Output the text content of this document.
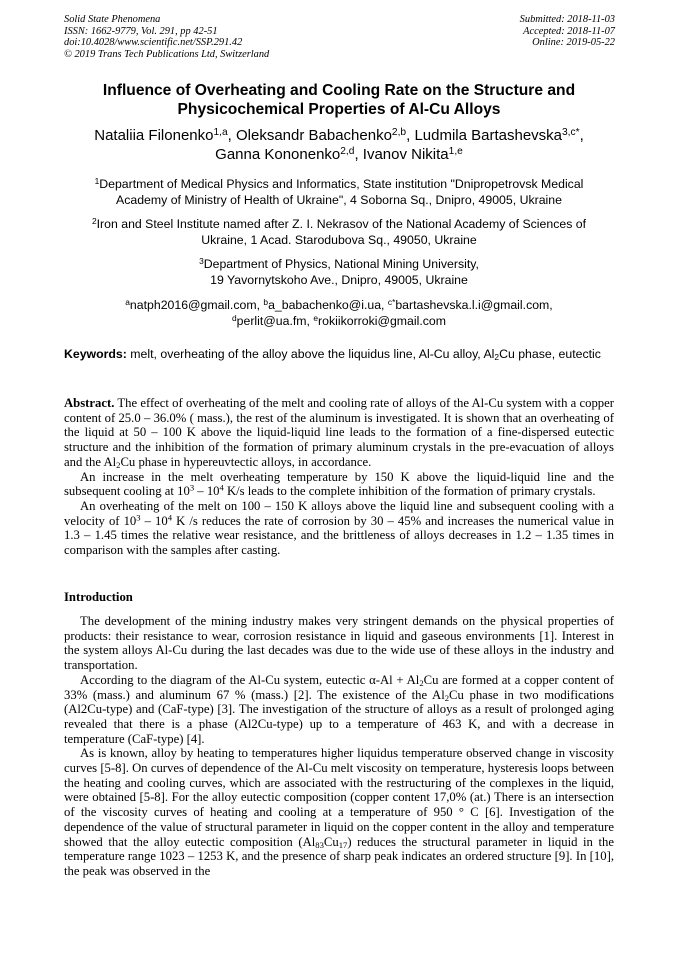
Solid State Phenomena
ISSN: 1662-9779, Vol. 291, pp 42-51
doi:10.4028/www.scientific.net/SSP.291.42
© 2019 Trans Tech Publications Ltd, Switzerland
Submitted: 2018-11-03
Accepted: 2018-11-07
Online: 2019-05-22
Influence of Overheating and Cooling Rate on the Structure and
Physicochemical Properties of Al-Cu Alloys
Nataliia Filonenko$^{1,a}$, Oleksandr Babachenko$^{2,b}$, Ludmila Bartashevska$^{3,c*}$,
Ganna Kononenko$^{2,d}$, Ivanov Nikita$^{1,e}$
$^1$Department of Medical Physics and Informatics, State institution "Dnipropetrovsk Medical
Academy of Ministry of Health of Ukraine", 4 Soborna Sq., Dnipro, 49005, Ukraine
$^2$Iron and Steel Institute named after Z. I. Nekrasov of the National Academy of Sciences of
Ukraine, 1 Acad. Starodubova Sq., 49050, Ukraine
$^3$Department of Physics, National Mining University,
19 Yavornytskoho Ave., Dnipro, 49005, Ukraine
$^a$natph2016@gmail.com, $^b$a_babachenko@i.ua, $^{c*}$bartashevska.l.i@gmail.com,
$^d$perlit@ua.fm, $^e$rokiikorroki@gmail.com
Keywords: melt, overheating of the alloy above the liquidus line, Al-Cu alloy, $Al_2Cu$ phase, eutectic

Abstract. The effect of overheating of the melt and cooling rate of alloys of the Al-Cu system with a copper content of 25.0 – 36.0% ( mass.), the rest of the aluminum is investigated. It is shown that an overheating of the liquid at 50 – 100 K above the liquid-liquid line leads to the formation of a fine-dispersed eutectic structure and the inhibition of the formation of primary aluminum crystals in the pre-evacuation of alloys and the $Al_2Cu$ phase in hypereuvtectic alloys, in accordance.

An increase in the melt overheating temperature by 150 K above the liquid-liquid line and the subsequent cooling at $10^3 - 10^4$ K/s leads to the complete inhibition of the formation of primary crystals.

An overheating of the melt on 100 – 150 K alloys above the liquid line and subsequent cooling with a velocity of $10^3 - 10^4$ K /s reduces the rate of corrosion by 30 – 45% and increases the numerical value in 1.3 – 1.45 times the relative wear resistance, and the brittleness of alloys decreases in 1.2 – 1.35 times in comparison with the samples after casting.

Introduction

The development of the mining industry makes very stringent demands on the physical properties of products: their resistance to wear, corrosion resistance in liquid and gaseous environments [1]. Interest in the system alloys Al-Cu during the last decades was due to the wide use of these alloys in the industry and transportation.

According to the diagram of the Al-Cu system, eutectic $\alpha-Al + Al_2Cu$ are formed at a copper content of 33% (mass.) and aluminum 67 % (mass.) [2]. The existence of the $Al_2Cu$ phase in two modifications (Al2Cu-type) and (CaF-type) [3]. The investigation of the structure of alloys as a result of prolonged aging revealed that there is a phase (Al2Cu-type) up to a temperature of 463 K, and with a decrease in temperature (CaF-type) [4].

As is known, alloy by heating to temperatures higher liquidus temperature observed change in viscosity curves [5-8]. On curves of dependence of the Al-Cu melt viscosity on temperature, hysteresis loops between the heating and cooling curves, which are associated with the restructuring of the complexes in the liquid, were obtained [5-8]. For the alloy eutectic composition (copper content 17,0% (at.) There is an intersection of the viscosity curves of heating and cooling at a temperature of 950 ° C [6]. Investigation of the dependence of the value of structural parameter in liquid on the copper content in the alloy and temperature showed that the alloy eutectic composition $(Al_{83}Cu_{17})$ reduces the structural parameter in liquid in the temperature range 1023 – 1253 K, and the presence of sharp peak indicates an ordered structure [9]. In [10], the peak was observed in the
